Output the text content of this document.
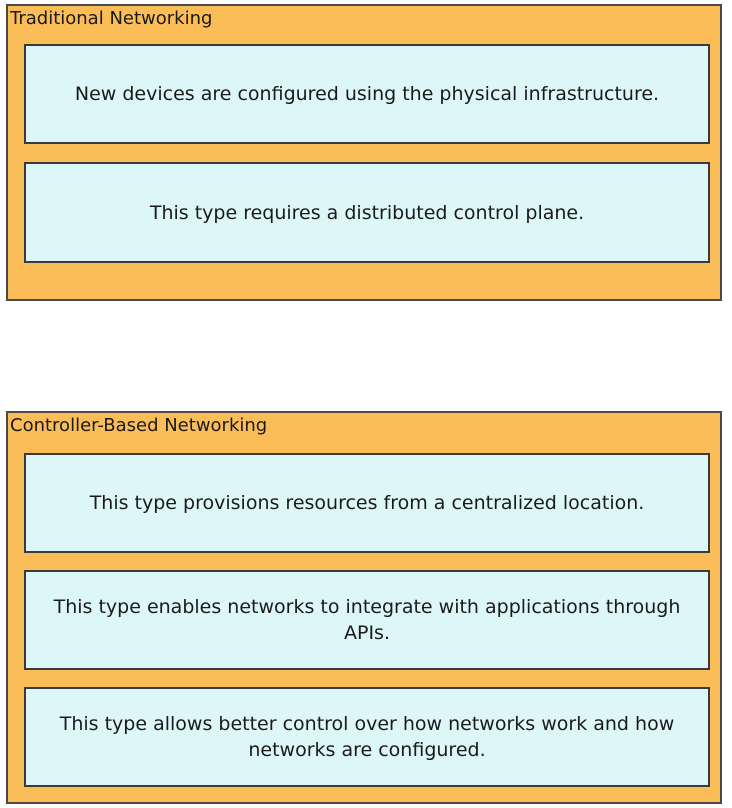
Traditional Networking
New devices are configured using the physical infrastructure.
This type requires a distributed control plane.
Controller-Based Networking
This type provisions resources from a centralized location.
This type enables networks to integrate with applications through APIs.
This type allows better control over how networks work and how networks are configured.
